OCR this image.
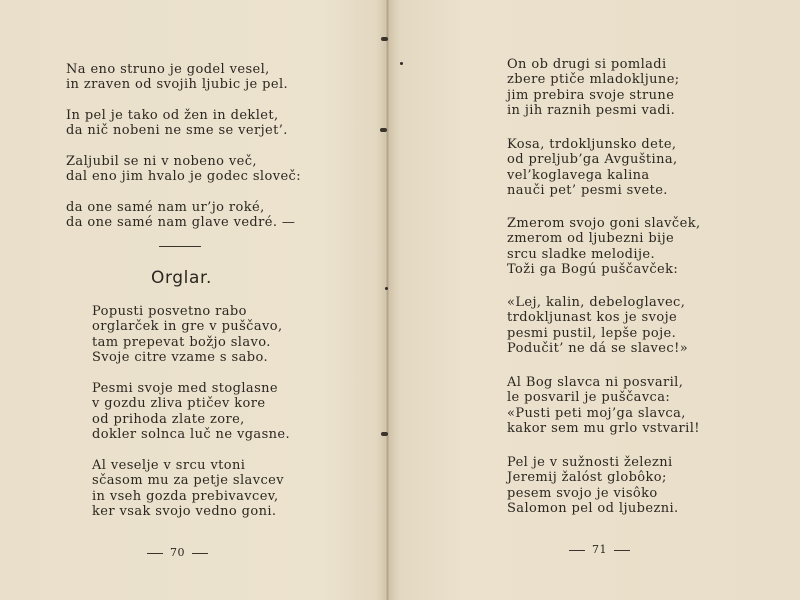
Na eno struno je godel vesel,
in zraven od svojih ljubic je pel.
In pel je tako od žen in deklet,
da nič nobeni ne sme se verjet’.
Zaljubil se ni v nobeno več,
dal eno jim hvalo je godec sloveč:
da one samé nam ur’jo roké,
da one samé nam glave vedré. —
Orglar.
Popusti posvetno rabo
orglarček in gre v puščavo,
tam prepevat božjo slavo.
Svoje citre vzame s sabo.
Pesmi svoje med stoglasne
v gozdu zliva ptičev kore
od prihoda zlate zore,
dokler solnca luč ne vgasne.
Al veselje v srcu vtoni
sčasom mu za petje slavcev
in vseh gozda prebivavcev,
ker vsak svojo vedno goni.
70
On ob drugi si pomladi
zbere ptiče mladokljune;
jim prebira svoje strune
in jih raznih pesmi vadi.
Kosa, trdokljunsko dete,
od preljub’ga Avguština,
vel’koglavega kalina
nauči pet’ pesmi svete.
Zmerom svojo goni slavček,
zmerom od ljubezni bije
srcu sladke melodije.
Toži ga Bogú puščavček:
«Lej, kalin, debeloglavec,
trdokljunast kos je svoje
pesmi pustil, lepše poje.
Podučit’ ne dá se slavec!»
Al Bog slavca ni posvaril,
le posvaril je puščavca:
«Pusti peti moj’ga slavca,
kakor sem mu grlo vstvaril!
Pel je v sužnosti železni
Jeremij žalóst globôko;
pesem svojo je visôko
Salomon pel od ljubezni.
71
